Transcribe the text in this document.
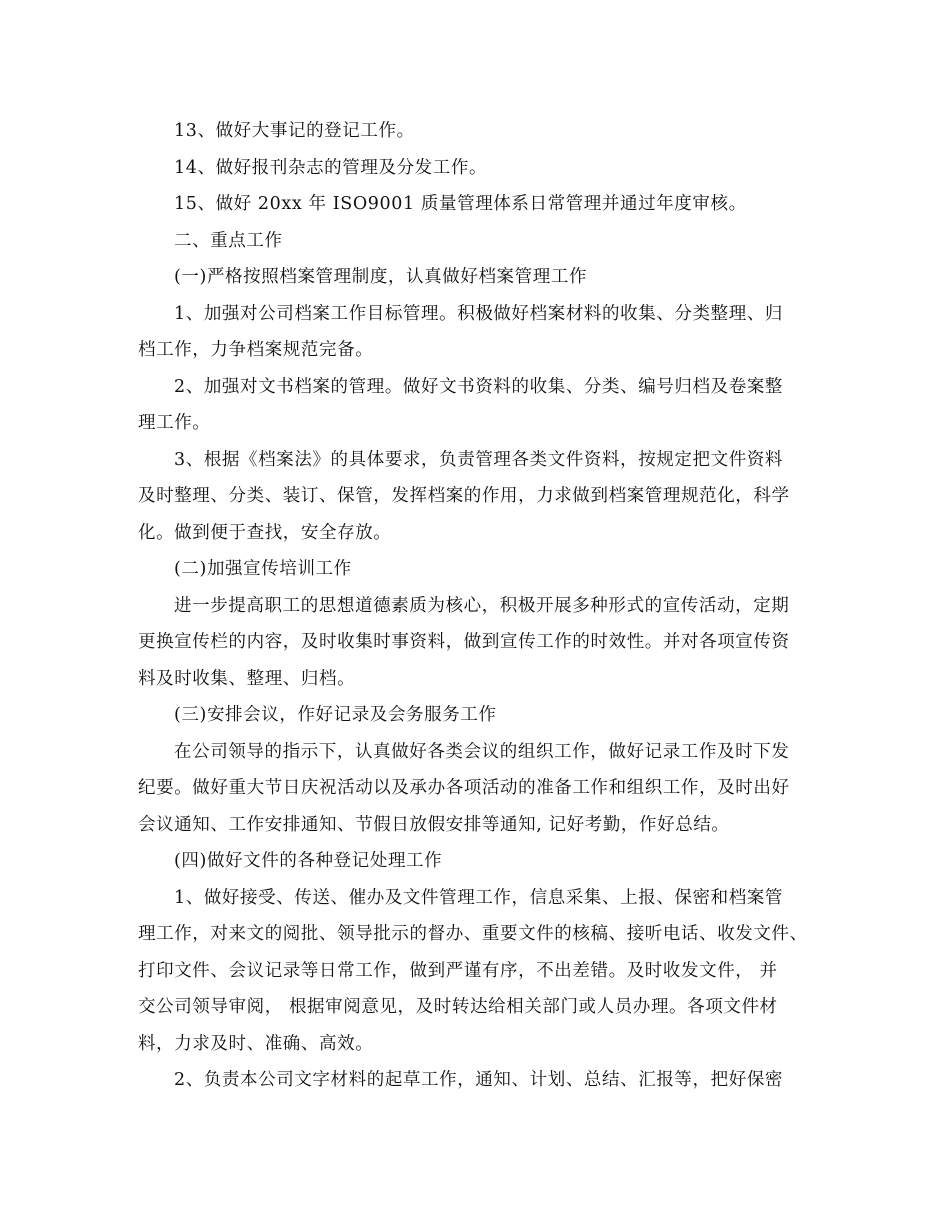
13、做好大事记的登记工作。
14、做好报刊杂志的管理及分发工作。
15、做好 20xx 年 ISO9001 质量管理体系日常管理并通过年度审核。
二、重点工作
(一)严格按照档案管理制度，认真做好档案管理工作
1、加强对公司档案工作目标管理。积极做好档案材料的收集、分类整理、归
档工作，力争档案规范完备。
2、加强对文书档案的管理。做好文书资料的收集、分类、编号归档及卷案整
理工作。
3、根据《档案法》的具体要求，负责管理各类文件资料，按规定把文件资料
及时整理、分类、装订、保管，发挥档案的作用，力求做到档案管理规范化，科学
化。做到便于查找，安全存放。
(二)加强宣传培训工作
进一步提高职工的思想道德素质为核心，积极开展多种形式的宣传活动，定期
更换宣传栏的内容，及时收集时事资料，做到宣传工作的时效性。并对各项宣传资
料及时收集、整理、归档。
(三)安排会议，作好记录及会务服务工作
在公司领导的指示下，认真做好各类会议的组织工作，做好记录工作及时下发
纪要。做好重大节日庆祝活动以及承办各项活动的准备工作和组织工作，及时出好
会议通知、工作安排通知、节假日放假安排等通知, 记好考勤，作好总结。
(四)做好文件的各种登记处理工作
1、做好接受、传送、催办及文件管理工作，信息采集、上报、保密和档案管
理工作，对来文的阅批、领导批示的督办、重要文件的核稿、接听电话、收发文件、
打印文件、会议记录等日常工作，做到严谨有序，不出差错。及时收发文件， 并
交公司领导审阅， 根据审阅意见，及时转达给相关部门或人员办理。各项文件材
料，力求及时、准确、高效。
2、负责本公司文字材料的起草工作，通知、计划、总结、汇报等，把好保密
